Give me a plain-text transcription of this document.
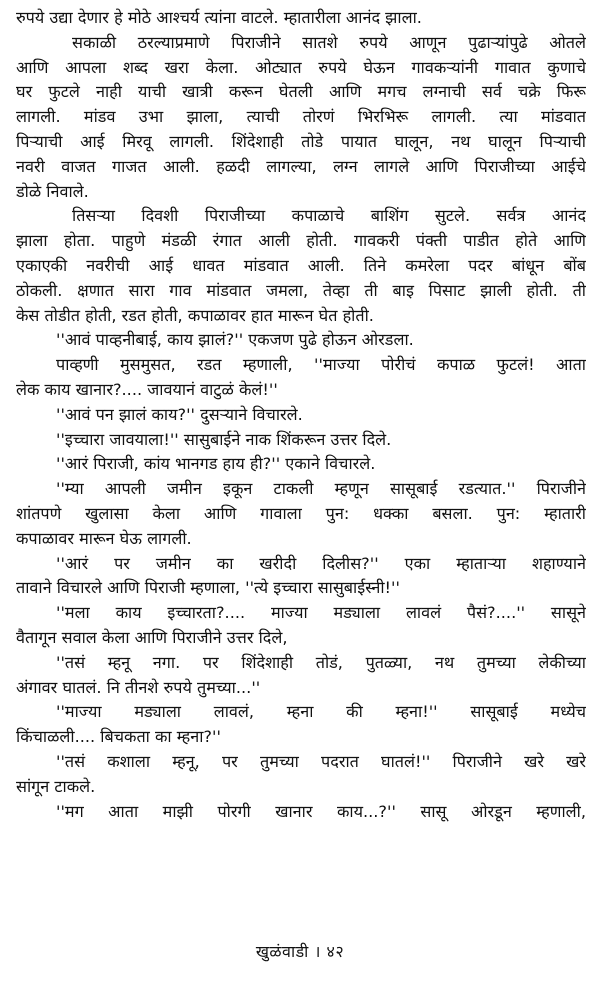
रुपये उद्या देणार हे मोठे आश्चर्य त्यांना वाटले. म्हातारीला आनंद झाला.
सकाळी ठरल्याप्रमाणे पिराजीने सातशे रुपये आणून पुढाऱ्यांपुढे ओतले
आणि आपला शब्द खरा केला. ओट्यात रुपये घेऊन गावकऱ्यांनी गावात कुणाचे
घर फुटले नाही याची खात्री करून घेतली आणि मगच लग्नाची सर्व चक्रे फिरू
लागली. मांडव उभा झाला, त्याची तोरणं भिरभिरू लागली. त्या मांडवात
पिऱ्याची आई मिरवू लागली. शिंदेशाही तोडे पायात घालून, नथ घालून पिऱ्याची
नवरी वाजत गाजत आली. हळदी लागल्या, लग्न लागले आणि पिराजीच्या आईचे
डोळे निवाले.
तिसऱ्या दिवशी पिराजीच्या कपाळाचे बाशिंग सुटले. सर्वत्र आनंद
झाला होता. पाहुणे मंडळी रंगात आली होती. गावकरी पंक्ती पाडीत होते आणि
एकाएकी नवरीची आई धावत मांडवात आली. तिने कमरेला पदर बांधून बोंब
ठोकली. क्षणात सारा गाव मांडवात जमला, तेव्हा ती बाइ पिसाट झाली होती. ती
केस तोडीत होती, रडत होती, कपाळावर हात मारून घेत होती.
''आवं पाव्हनीबाई, काय झालं?'' एकजण पुढे होऊन ओरडला.
पाव्हणी मुसमुसत, रडत म्हणाली, ''माज्या पोरीचं कपाळ फुटलं! आता
लेक काय खानार?.... जावयानं वाटुळं केलं!''
''आवं पन झालं काय?'' दुसऱ्याने विचारले.
''इच्चारा जावयाला!'' सासुबाईने नाक शिंकरून उत्तर दिले.
''आरं पिराजी, कांय भानगड हाय ही?'' एकाने विचारले.
''म्या आपली जमीन इकून टाकली म्हणून सासूबाई रडत्यात.'' पिराजीने
शांतपणे खुलासा केला आणि गावाला पुन: धक्का बसला. पुन: म्हातारी
कपाळावर मारून घेऊ लागली.
''आरं पर जमीन का खरीदी दिलीस?'' एका म्हाताऱ्या शहाण्याने
तावाने विचारले आणि पिराजी म्हणाला, ''त्ये इच्चारा सासुबाईस्नी!''
''मला काय इच्चारता?.... माज्या मड्याला लावलं पैसं?....'' सासूने
वैतागून सवाल केला आणि पिराजीने उत्तर दिले,
''तसं म्हनू नगा. पर शिंदेशाही तोडं, पुतळ्या, नथ तुमच्या लेकीच्या
अंगावर घातलं. नि तीनशे रुपये तुमच्या...''
''माज्या मड्याला लावलं, म्हना की म्हना!'' सासूबाई मध्येच
किंचाळली.... बिचकता का म्हना?''
''तसं कशाला म्हनू, पर तुमच्या पदरात घातलं!'' पिराजीने खरे खरे
सांगून टाकले.
''मग आता माझी पोरगी खानार काय...?'' सासू ओरडून म्हणाली,
खुळंवाडी । ४२
